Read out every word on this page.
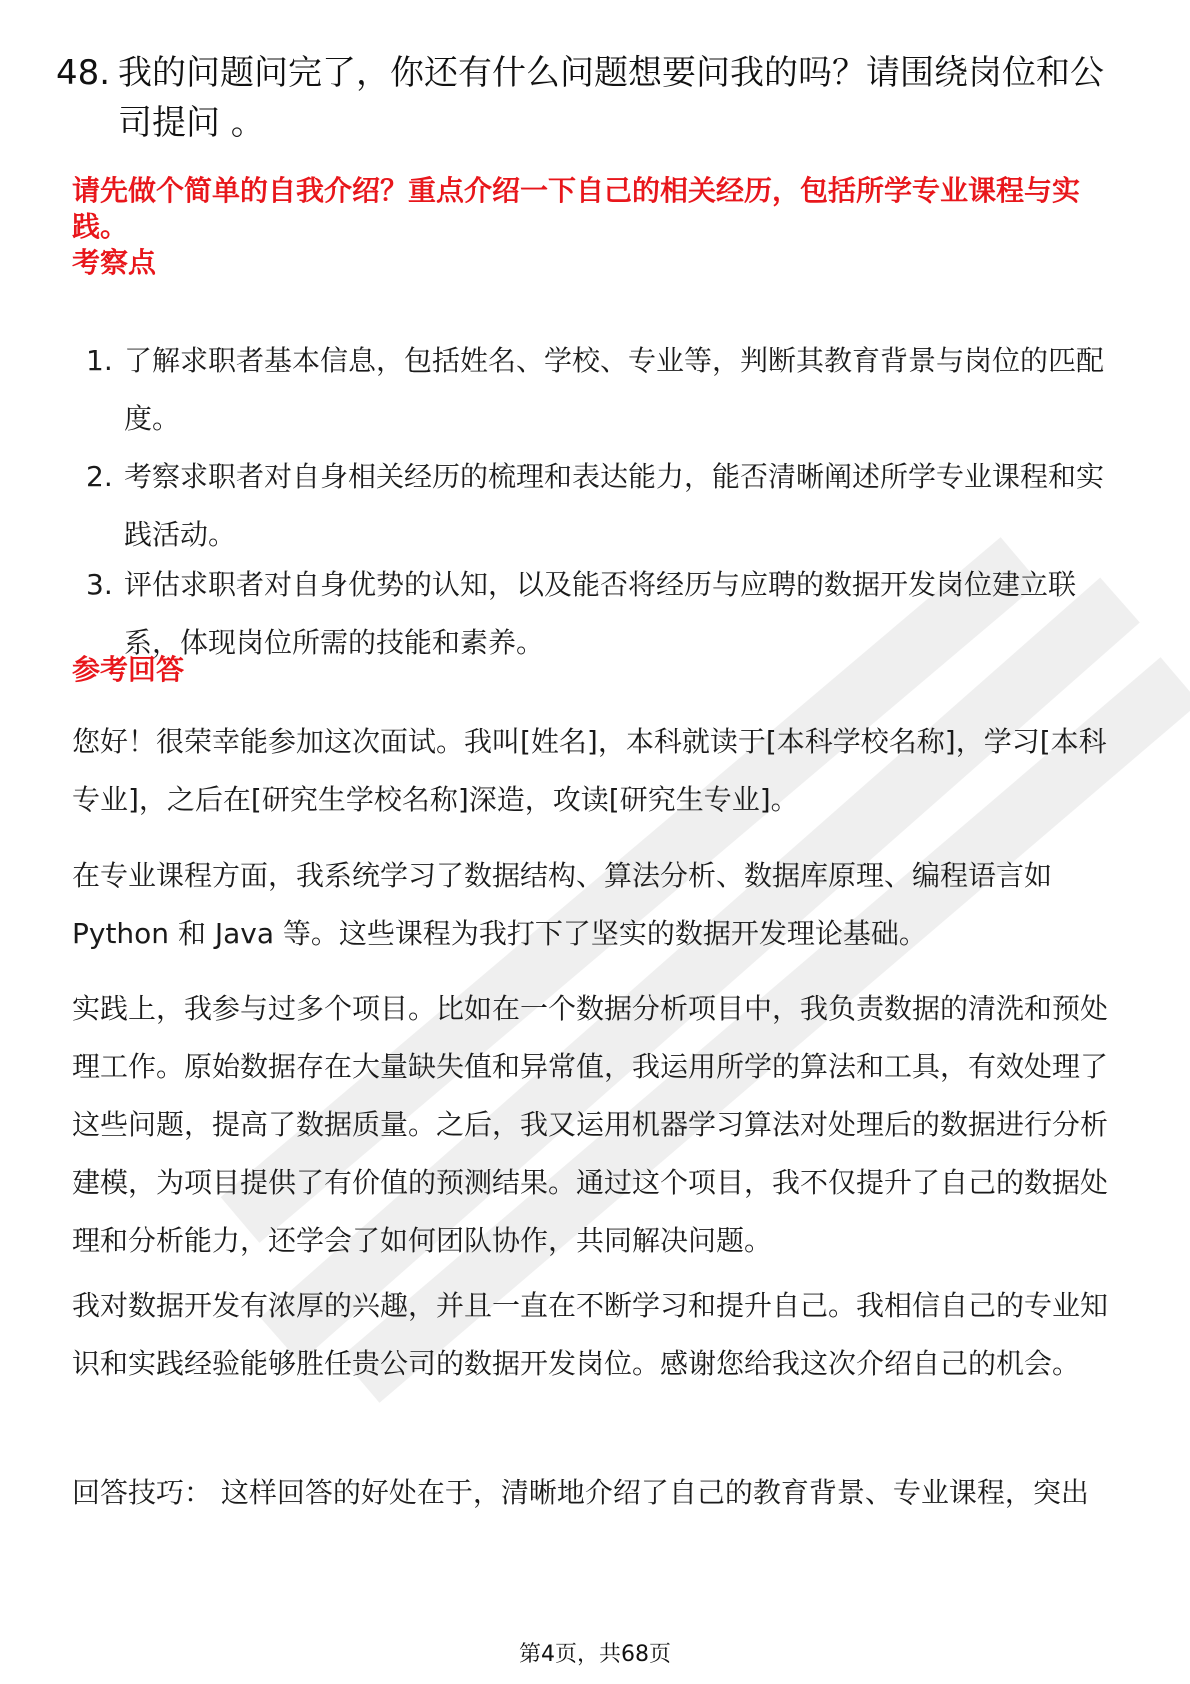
48. 我的问题问完了，你还有什么问题想要问我的吗？请围绕岗位和公司提问 。
请先做个简单的自我介绍？重点介绍一下自己的相关经历，包括所学专业课程与实践。
考察点
1. 了解求职者基本信息，包括姓名、学校、专业等，判断其教育背景与岗位的匹配度。
2. 考察求职者对自身相关经历的梳理和表达能力，能否清晰阐述所学专业课程和实践活动。
3. 评估求职者对自身优势的认知，以及能否将经历与应聘的数据开发岗位建立联系，体现岗位所需的技能和素养。
参考回答

您好！很荣幸能参加这次面试。我叫[姓名]，本科就读于[本科学校名称]，学习[本科专业]，之后在[研究生学校名称]深造，攻读[研究生专业]。

在专业课程方面，我系统学习了数据结构、算法分析、数据库原理、编程语言如 Python 和 Java 等。这些课程为我打下了坚实的数据开发理论基础。

实践上，我参与过多个项目。比如在一个数据分析项目中，我负责数据的清洗和预处理工作。原始数据存在大量缺失值和异常值，我运用所学的算法和工具，有效处理了这些问题，提高了数据质量。之后，我又运用机器学习算法对处理后的数据进行分析建模，为项目提供了有价值的预测结果。通过这个项目，我不仅提升了自己的数据处理和分析能力，还学会了如何团队协作，共同解决问题。

我对数据开发有浓厚的兴趣，并且一直在不断学习和提升自己。我相信自己的专业知识和实践经验能够胜任贵公司的数据开发岗位。感谢您给我这次介绍自己的机会。

回答技巧： 这样回答的好处在于，清晰地介绍了自己的教育背景、专业课程，突出

第4页，共68页
